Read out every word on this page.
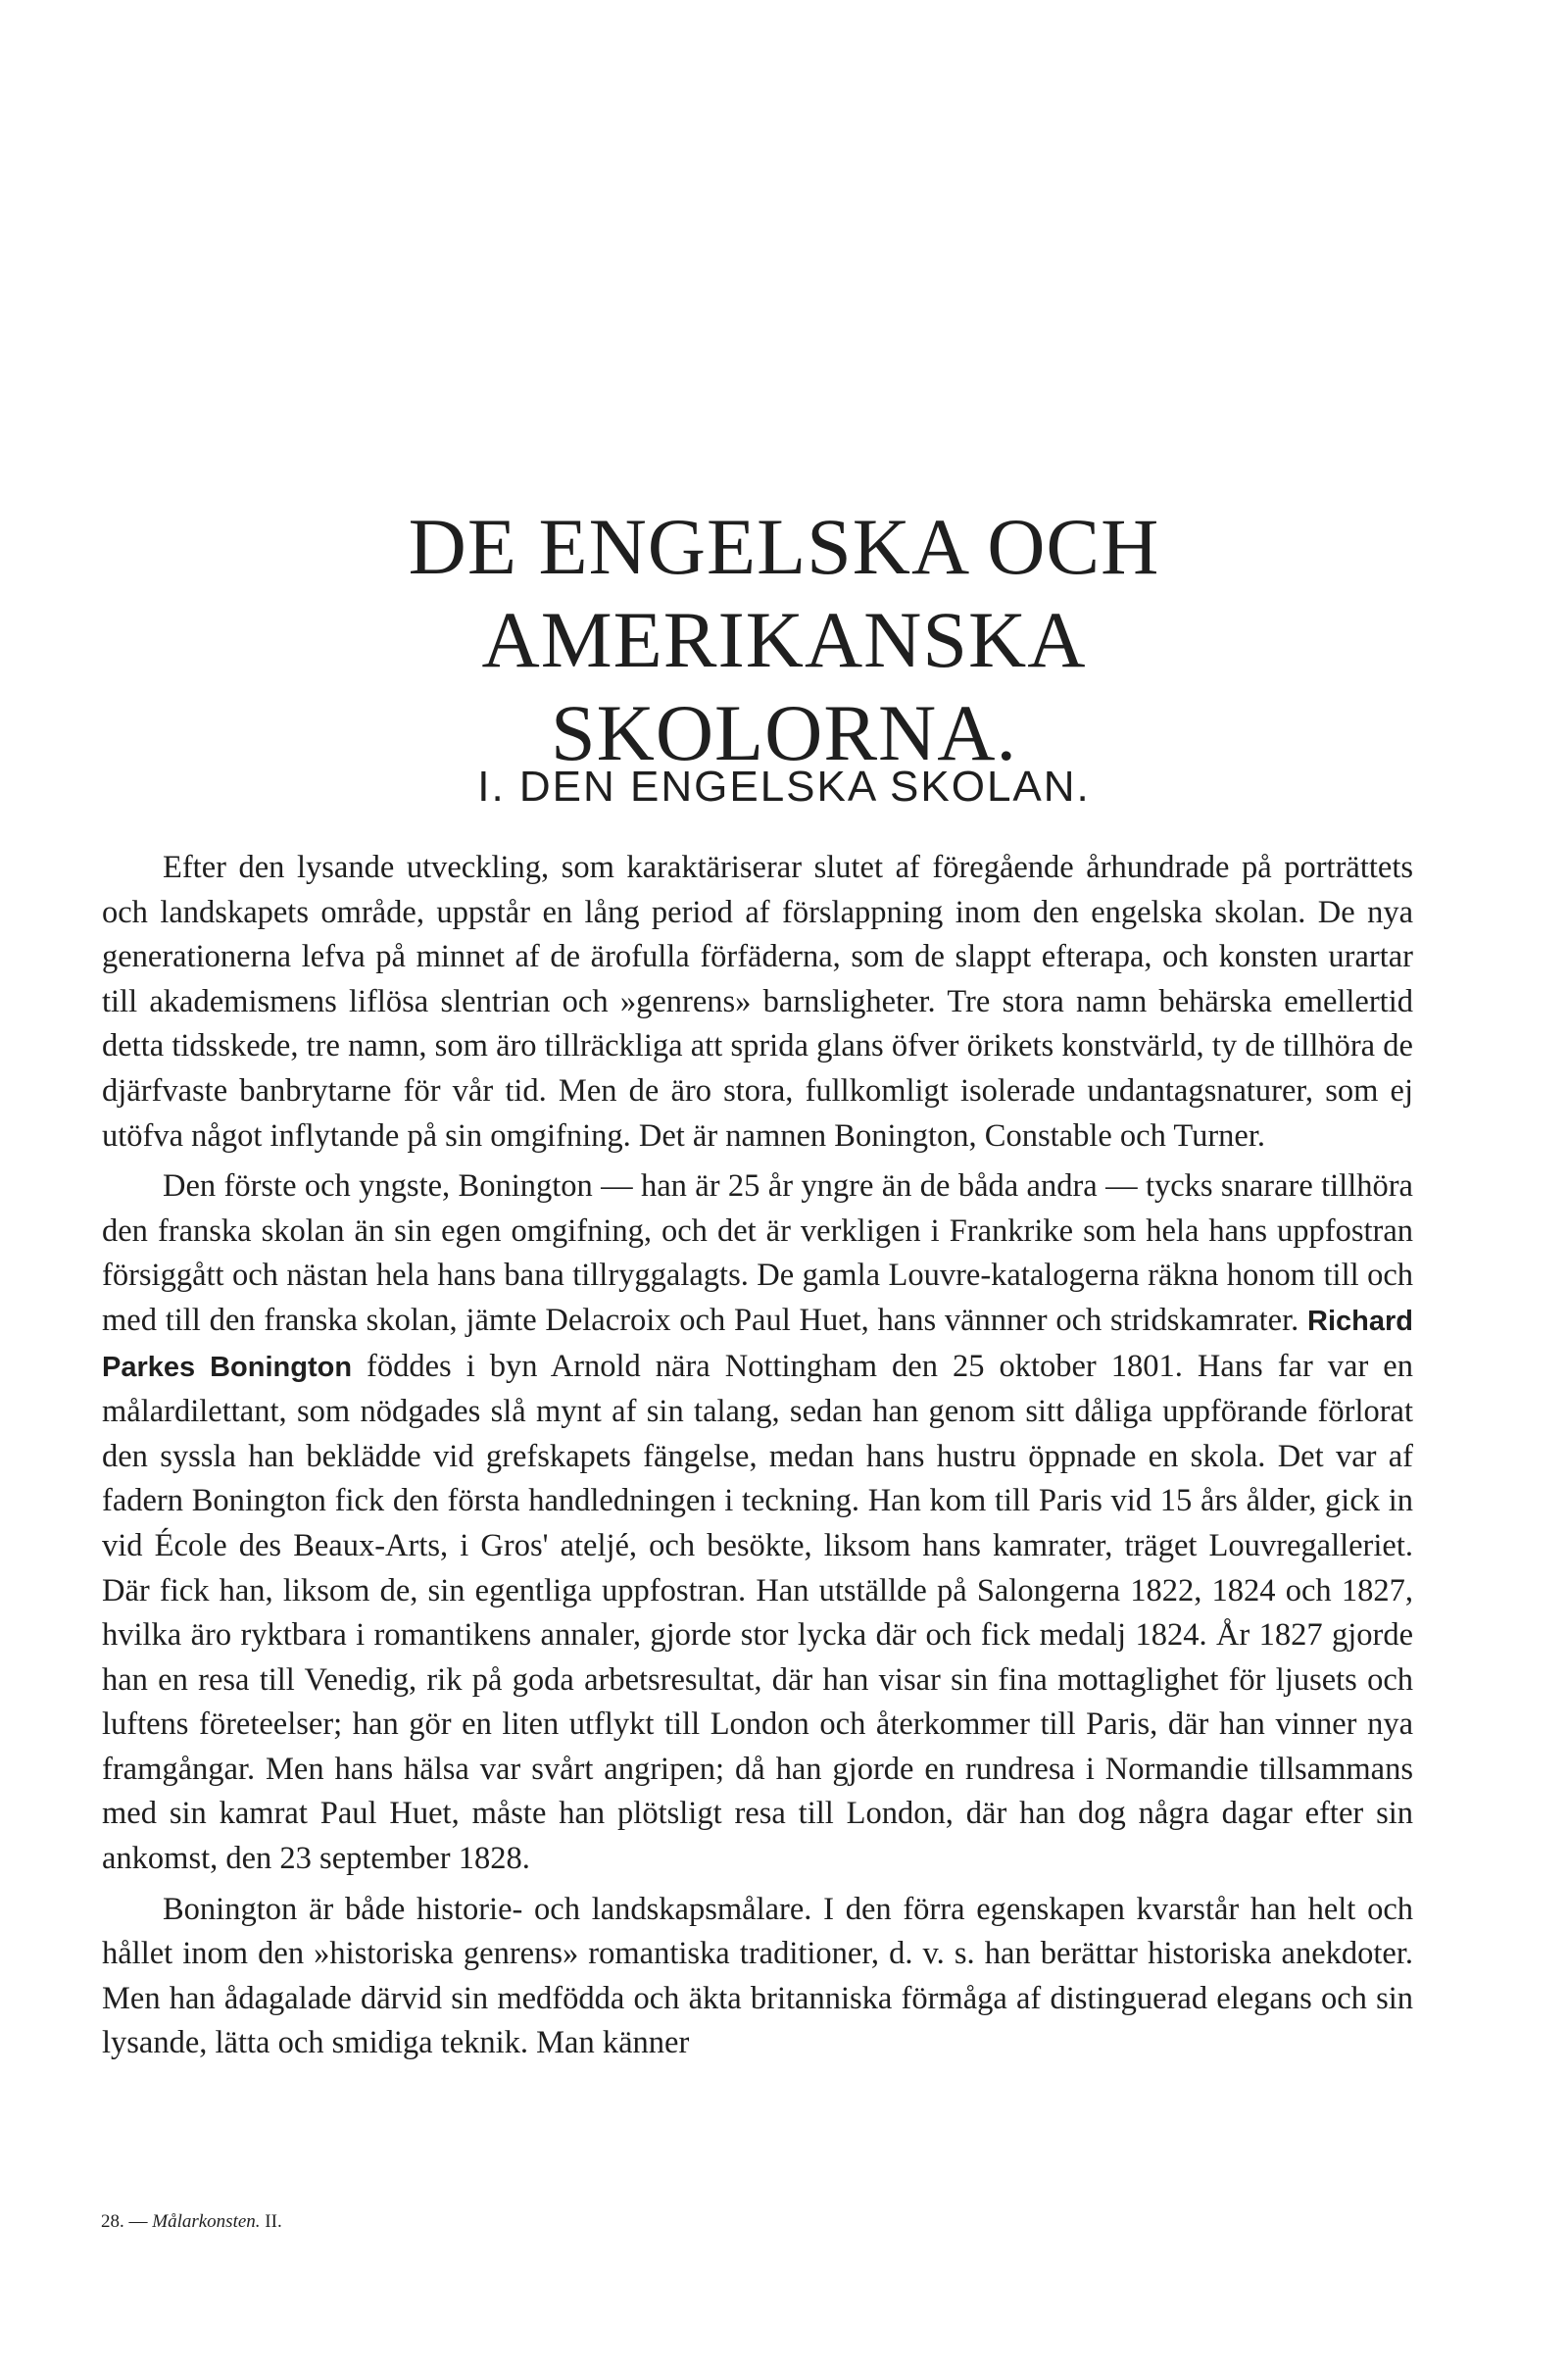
DE ENGELSKA OCH AMERIKANSKA
SKOLORNA.
I. DEN ENGELSKA SKOLAN.

Efter den lysande utveckling, som karaktäriserar slutet af föregående århundrade på porträttets och landskapets område, uppstår en lång period af förslappning inom den engelska skolan. De nya generationerna lefva på minnet af de ärofulla förfäderna, som de slappt efterapa, och konsten urartar till akademismens liflösa slentrian och »genrens» barnsligheter. Tre stora namn behärska emellertid detta tidsskede, tre namn, som äro tillräckliga att sprida glans öfver örikets konstvärld, ty de tillhöra de djärfvaste banbrytarne för vår tid. Men de äro stora, fullkomligt isolerade undantagsnaturer, som ej utöfva något inflytande på sin omgifning. Det är namnen Bonington, Constable och Turner.

Den förste och yngste, Bonington — han är 25 år yngre än de båda andra — tycks snarare tillhöra den franska skolan än sin egen omgifning, och det är verkligen i Frankrike som hela hans uppfostran försiggått och nästan hela hans bana tillryggalagts. De gamla Louvre-katalogerna räkna honom till och med till den franska skolan, jämte Delacroix och Paul Huet, hans vännner och stridskamrater. Richard Parkes Bonington föddes i byn Arnold nära Nottingham den 25 oktober 1801. Hans far var en målardilettant, som nödgades slå mynt af sin talang, sedan han genom sitt dåliga uppförande förlorat den syssla han beklädde vid grefskapets fängelse, medan hans hustru öppnade en skola. Det var af fadern Bonington fick den första handledningen i teckning. Han kom till Paris vid 15 års ålder, gick in vid École des Beaux-Arts, i Gros' ateljé, och besökte, liksom hans kamrater, träget Louvregalleriet. Där fick han, liksom de, sin egentliga uppfostran. Han utställde på Salongerna 1822, 1824 och 1827, hvilka äro ryktbara i romantikens annaler, gjorde stor lycka där och fick medalj 1824. År 1827 gjorde han en resa till Venedig, rik på goda arbetsresultat, där han visar sin fina mottaglighet för ljusets och luftens företeelser; han gör en liten utflykt till London och återkommer till Paris, där han vinner nya framgångar. Men hans hälsa var svårt angripen; då han gjorde en rundresa i Normandie tillsammans med sin kamrat Paul Huet, måste han plötsligt resa till London, där han dog några dagar efter sin ankomst, den 23 september 1828.

Bonington är både historie- och landskapsmålare. I den förra egenskapen kvarstår han helt och hållet inom den »historiska genrens» romantiska traditioner, d. v. s. han berättar historiska anekdoter. Men han ådagalade därvid sin medfödda och äkta britanniska förmåga af distinguerad elegans och sin lysande, lätta och smidiga teknik. Man känner

28. — Målarkonsten. II.
